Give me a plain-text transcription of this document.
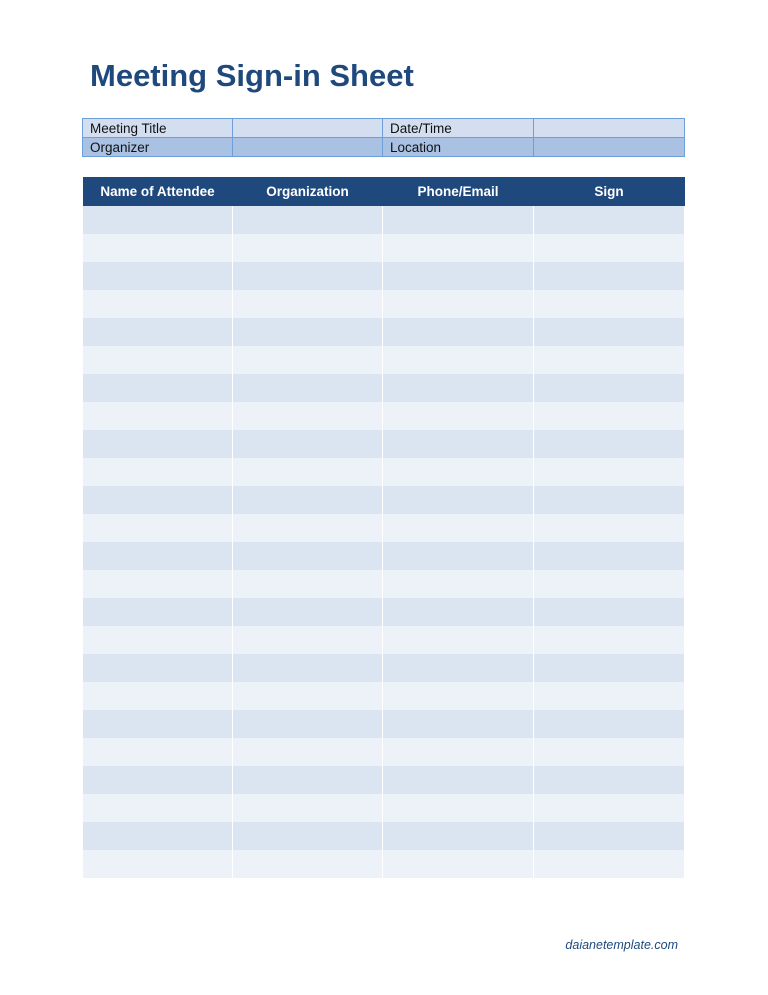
Meeting Sign-in Sheet
Meeting Title		Date/Time	
Organizer		Location	
Name of Attendee	Organization	Phone/Email	Sign

daianetemplate.com
